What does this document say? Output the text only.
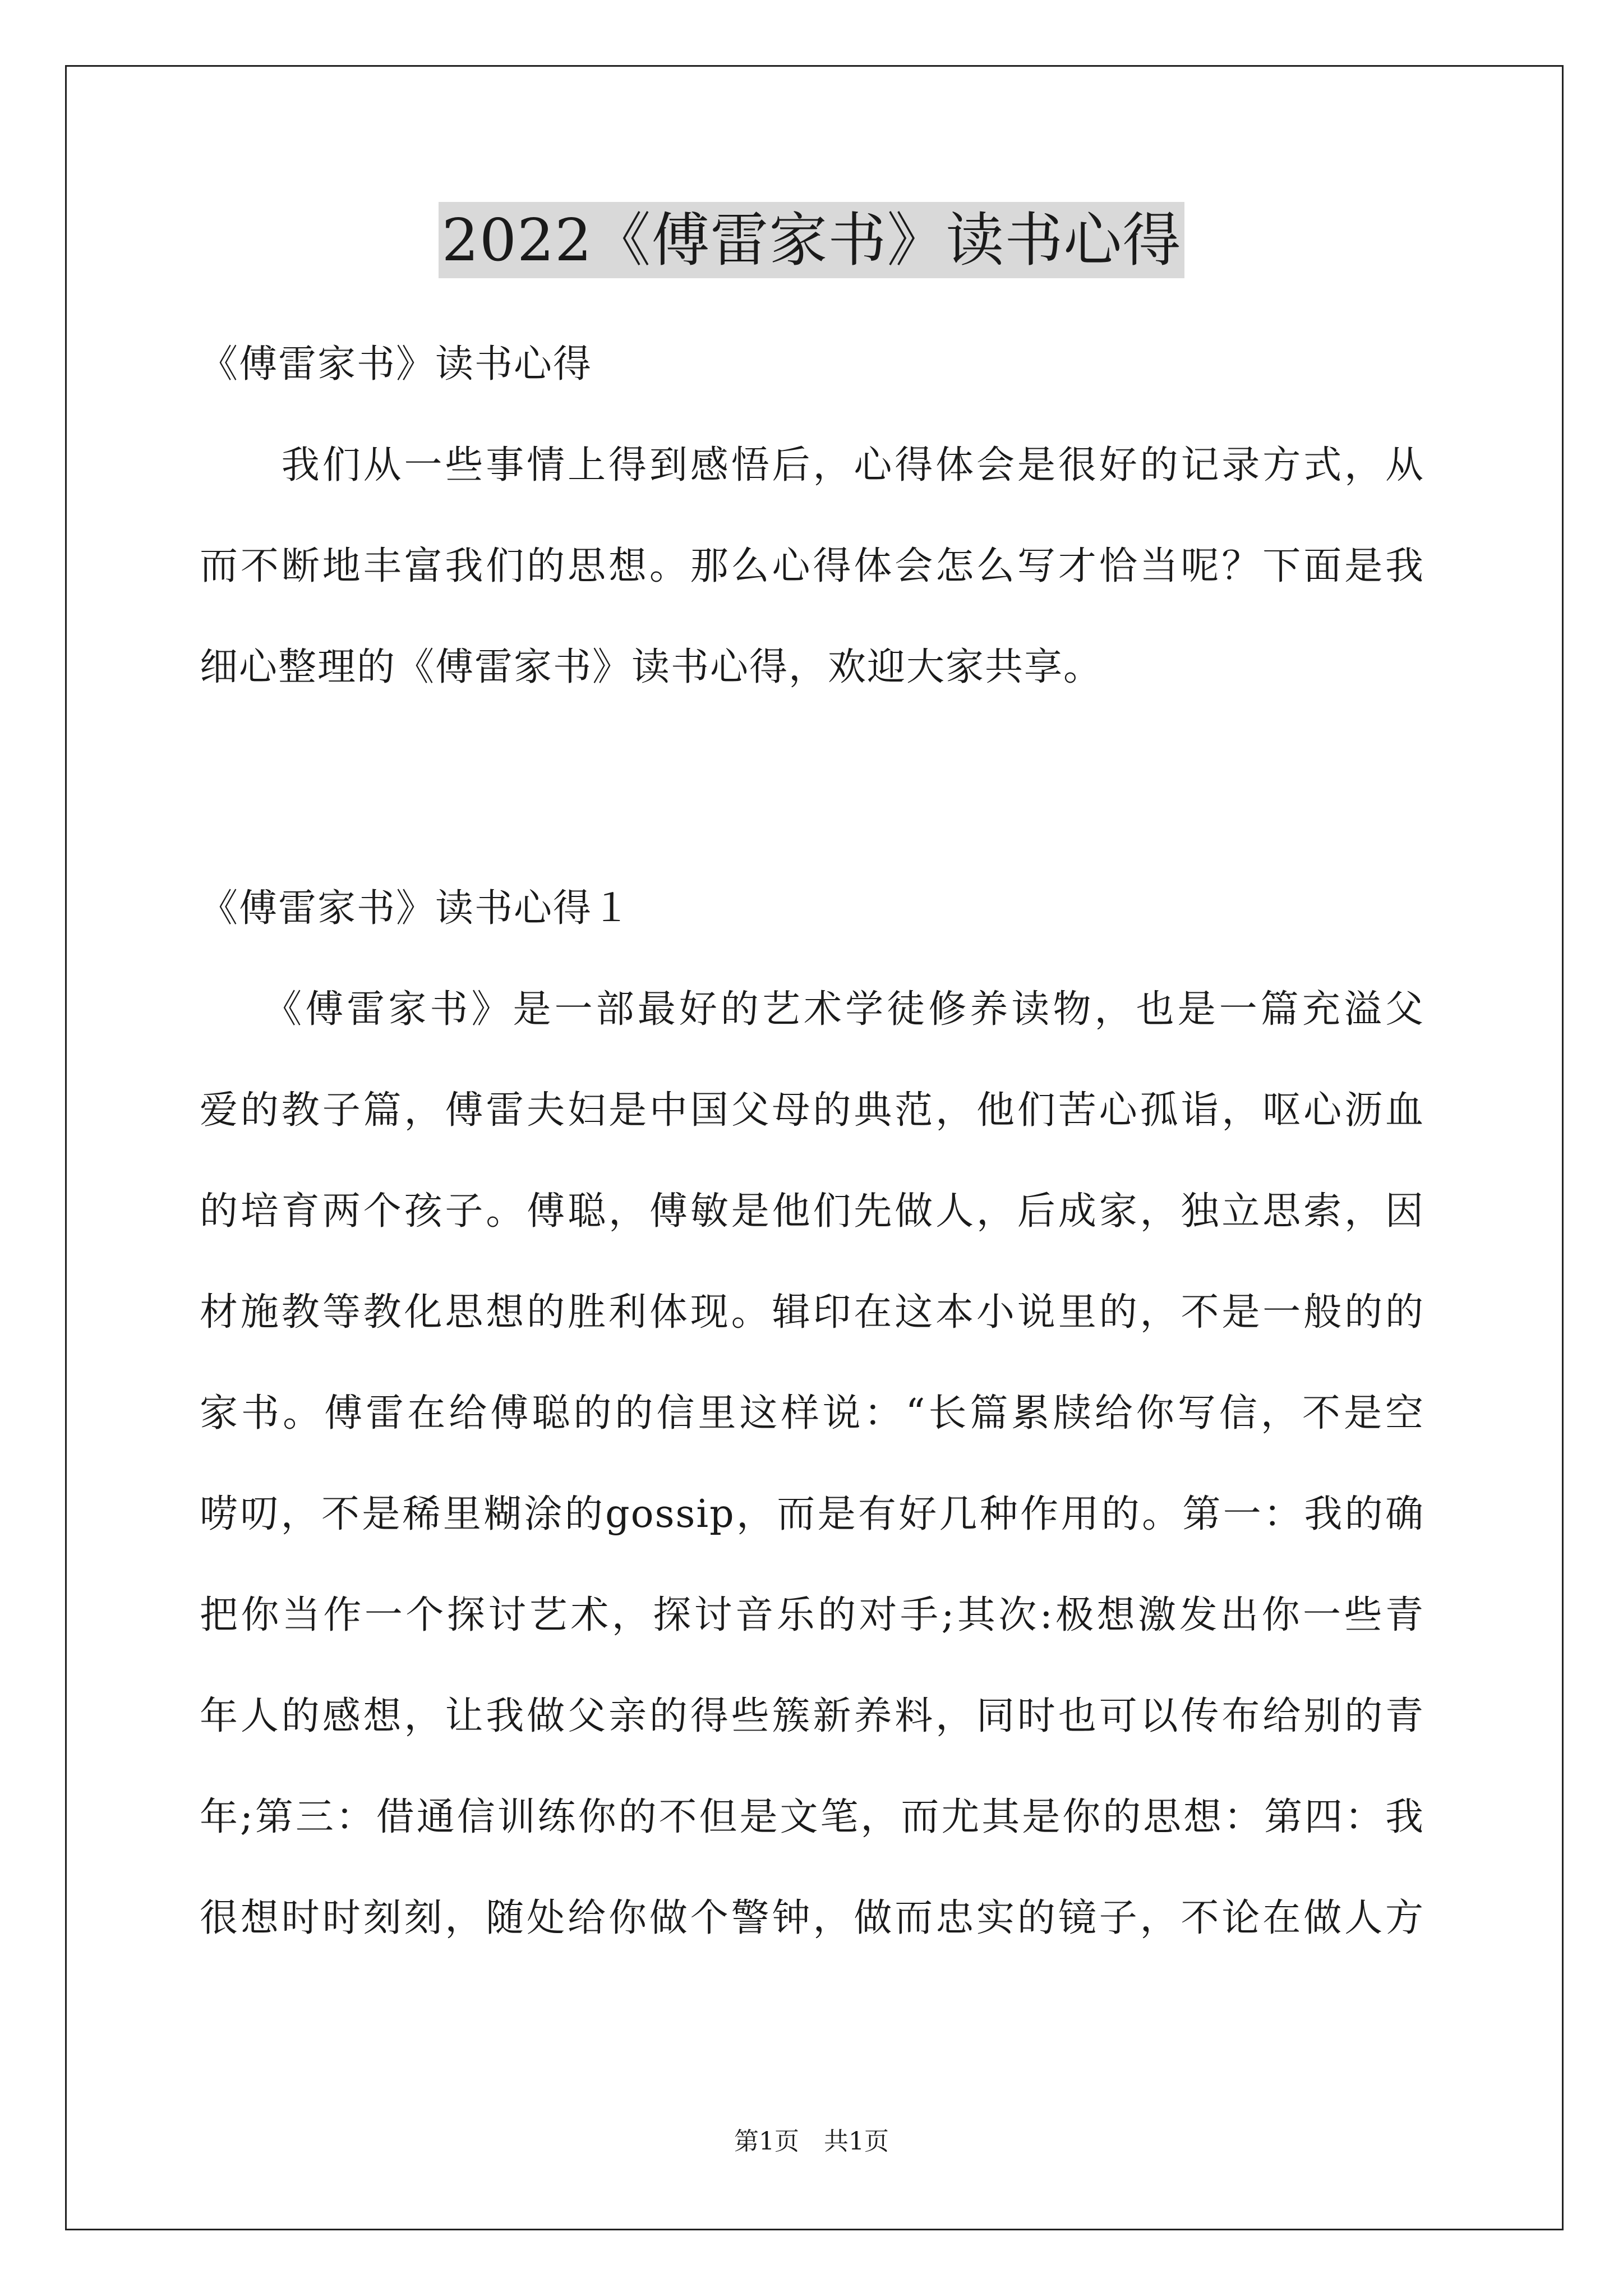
2022《傅雷家书》读书心得

《傅雷家书》读书心得

　　我们从一些事情上得到感悟后，心得体会是很好的记录方式，从

而不断地丰富我们的思想。那么心得体会怎么写才恰当呢？下面是我

细心整理的《傅雷家书》读书心得，欢迎大家共享。

《傅雷家书》读书心得１

　　《傅雷家书》是一部最好的艺术学徒修养读物，也是一篇充溢父

爱的教子篇，傅雷夫妇是中国父母的典范，他们苦心孤诣，呕心沥血

的培育两个孩子。傅聪，傅敏是他们先做人，后成家，独立思索，因

材施教等教化思想的胜利体现。辑印在这本小说里的，不是一般的的

家书。傅雷在给傅聪的的信里这样说：“长篇累牍给你写信，不是空

唠叨，不是稀里糊涂的gossip，而是有好几种作用的。第一：我的确

把你当作一个探讨艺术，探讨音乐的对手;其次:极想激发出你一些青

年人的感想，让我做父亲的得些簇新养料，同时也可以传布给别的青

年;第三：借通信训练你的不但是文笔，而尤其是你的思想：第四：我

很想时时刻刻，随处给你做个警钟，做而忠实的镜子，不论在做人方

第1页　共1页
